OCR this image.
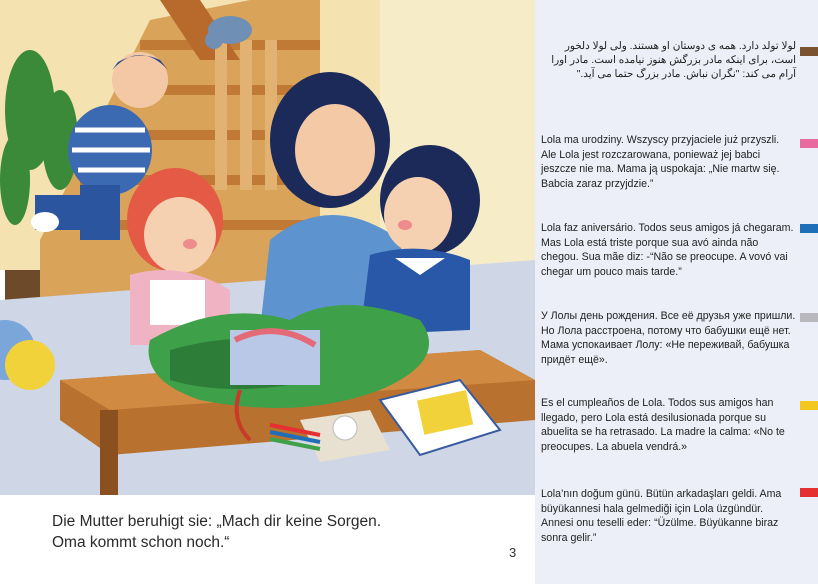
Die Mutter beruhigt sie: „Mach dir keine Sorgen.
Oma kommt schon noch.“
3

لولا تولد دارد. همه ی دوستان او هستند. ولی لولا دلخور است، برای اینکه مادر بزرگش هنوز نیامده است. مادر اورا آرام می کند: "نگران نباش. مادر بزرگ حتما می آید."

Lola ma urodziny. Wszyscy przyjaciele już przyszli. Ale Lola jest rozczarowana, ponieważ jej babci jeszcze nie ma. Mama ją uspokaja: „Nie martw się. Babcia zaraz przyjdzie.”

Lola faz aniversário. Todos seus amigos já chegaram. Mas Lola está triste porque sua avó ainda não chegou. Sua mãe diz: -“Não se preocupe. A vovó vai chegar um pouco mais tarde.”

У Лолы день рождения. Все её друзья уже пришли. Но Лола расстроена, потому что бабушки ещё нет. Мама успокаивает Лолу: «Не переживай, бабушка придёт ещё».

Es el cumpleaños de Lola. Todos sus amigos han llegado, pero Lola está desilusionada porque su abuelita se ha retrasado. La madre la calma: «No te preocupes. La abuela vendrá.»

Lola’nın doğum günü. Bütün arkadaşları geldi. Ama büyükannesi hala gelmediği için Lola üzgündür. Annesi onu teselli eder: “Üzülme. Büyükanne biraz sonra gelir.”
